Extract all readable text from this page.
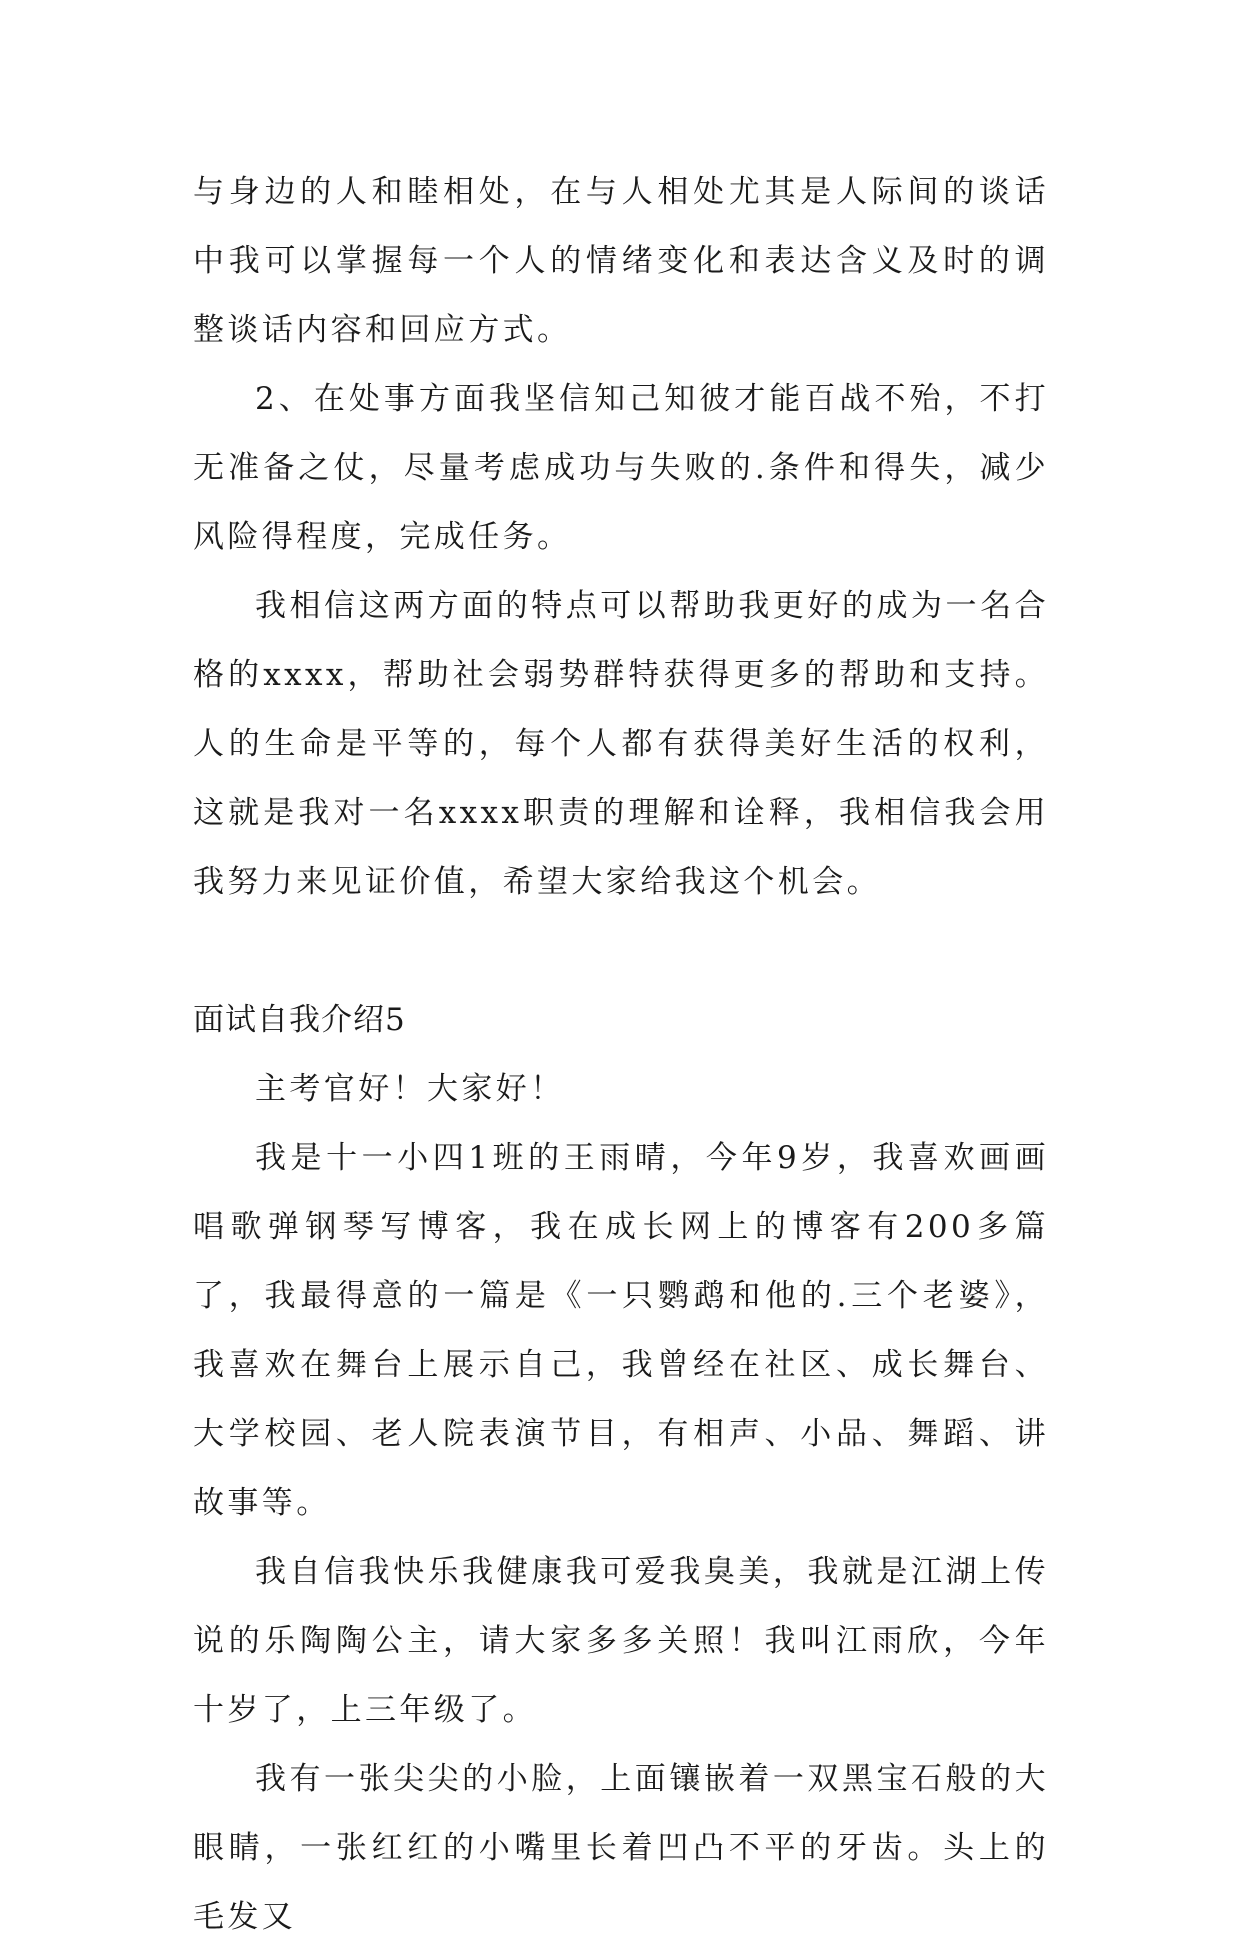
与身边的人和睦相处，在与人相处尤其是人际间的谈话中我可以掌握每一个人的情绪变化和表达含义及时的调整谈话内容和回应方式。

2、在处事方面我坚信知己知彼才能百战不殆，不打无准备之仗，尽量考虑成功与失败的.条件和得失，减少风险得程度，完成任务。

我相信这两方面的特点可以帮助我更好的成为一名合格的xxxx，帮助社会弱势群特获得更多的帮助和支持。人的生命是平等的，每个人都有获得美好生活的权利，这就是我对一名xxxx职责的理解和诠释，我相信我会用我努力来见证价值，希望大家给我这个机会。

面试自我介绍5

主考官好！大家好！

我是十一小四1班的王雨晴，今年9岁，我喜欢画画唱歌弹钢琴写博客，我在成长网上的博客有200多篇了，我最得意的一篇是《一只鹦鹉和他的.三个老婆》，我喜欢在舞台上展示自己，我曾经在社区、成长舞台、大学校园、老人院表演节目，有相声、小品、舞蹈、讲故事等。

我自信我快乐我健康我可爱我臭美，我就是江湖上传说的乐陶陶公主，请大家多多关照！我叫江雨欣，今年十岁了，上三年级了。

我有一张尖尖的小脸，上面镶嵌着一双黑宝石般的大眼睛，一张红红的小嘴里长着凹凸不平的牙齿。头上的毛发又
